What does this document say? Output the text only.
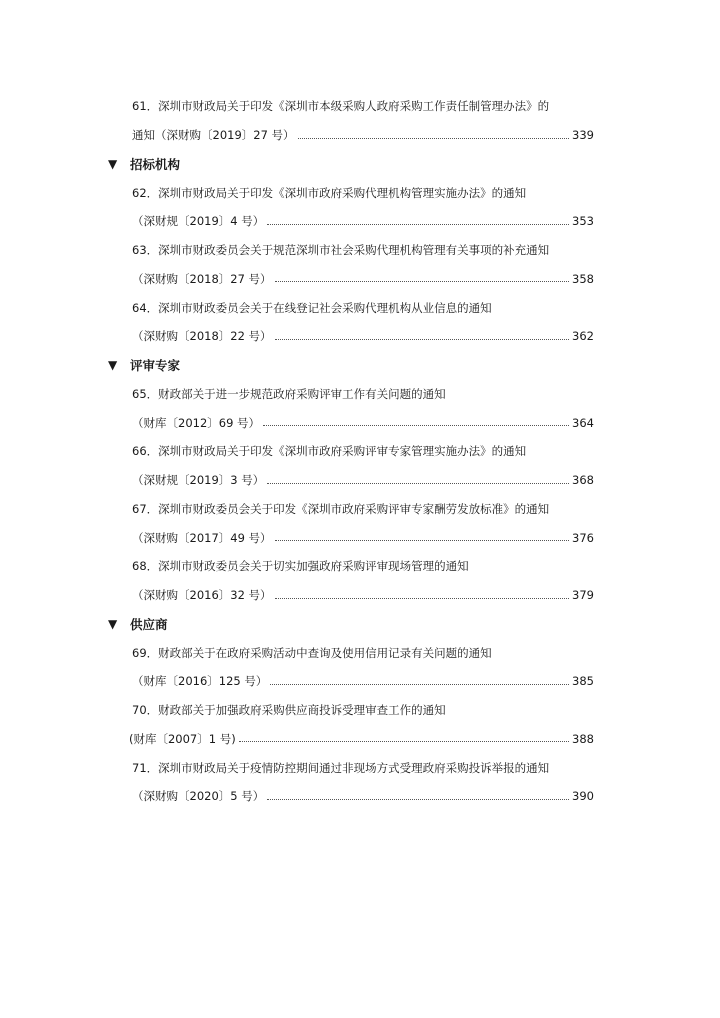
61．深圳市财政局关于印发《深圳市本级采购人政府采购工作责任制管理办法》的
通知（深财购〔2019〕27 号）	339
▼	招标机构
62．深圳市财政局关于印发《深圳市政府采购代理机构管理实施办法》的通知
（深财规〔2019〕4 号）	353
63．深圳市财政委员会关于规范深圳市社会采购代理机构管理有关事项的补充通知
（深财购〔2018〕27 号）	358
64．深圳市财政委员会关于在线登记社会采购代理机构从业信息的通知
（深财购〔2018〕22 号）	362
▼	评审专家
65．财政部关于进一步规范政府采购评审工作有关问题的通知
（财库〔2012〕69 号）	364
66．深圳市财政局关于印发《深圳市政府采购评审专家管理实施办法》的通知
（深财规〔2019〕3 号）	368
67．深圳市财政委员会关于印发《深圳市政府采购评审专家酬劳发放标准》的通知
（深财购〔2017〕49 号）	376
68．深圳市财政委员会关于切实加强政府采购评审现场管理的通知
（深财购〔2016〕32 号）	379
▼	供应商
69．财政部关于在政府采购活动中查询及使用信用记录有关问题的通知
（财库〔2016〕125 号）	385
70．财政部关于加强政府采购供应商投诉受理审查工作的通知
(财库〔2007〕1 号)	388
71．深圳市财政局关于疫情防控期间通过非现场方式受理政府采购投诉举报的通知
（深财购〔2020〕5 号）	390
